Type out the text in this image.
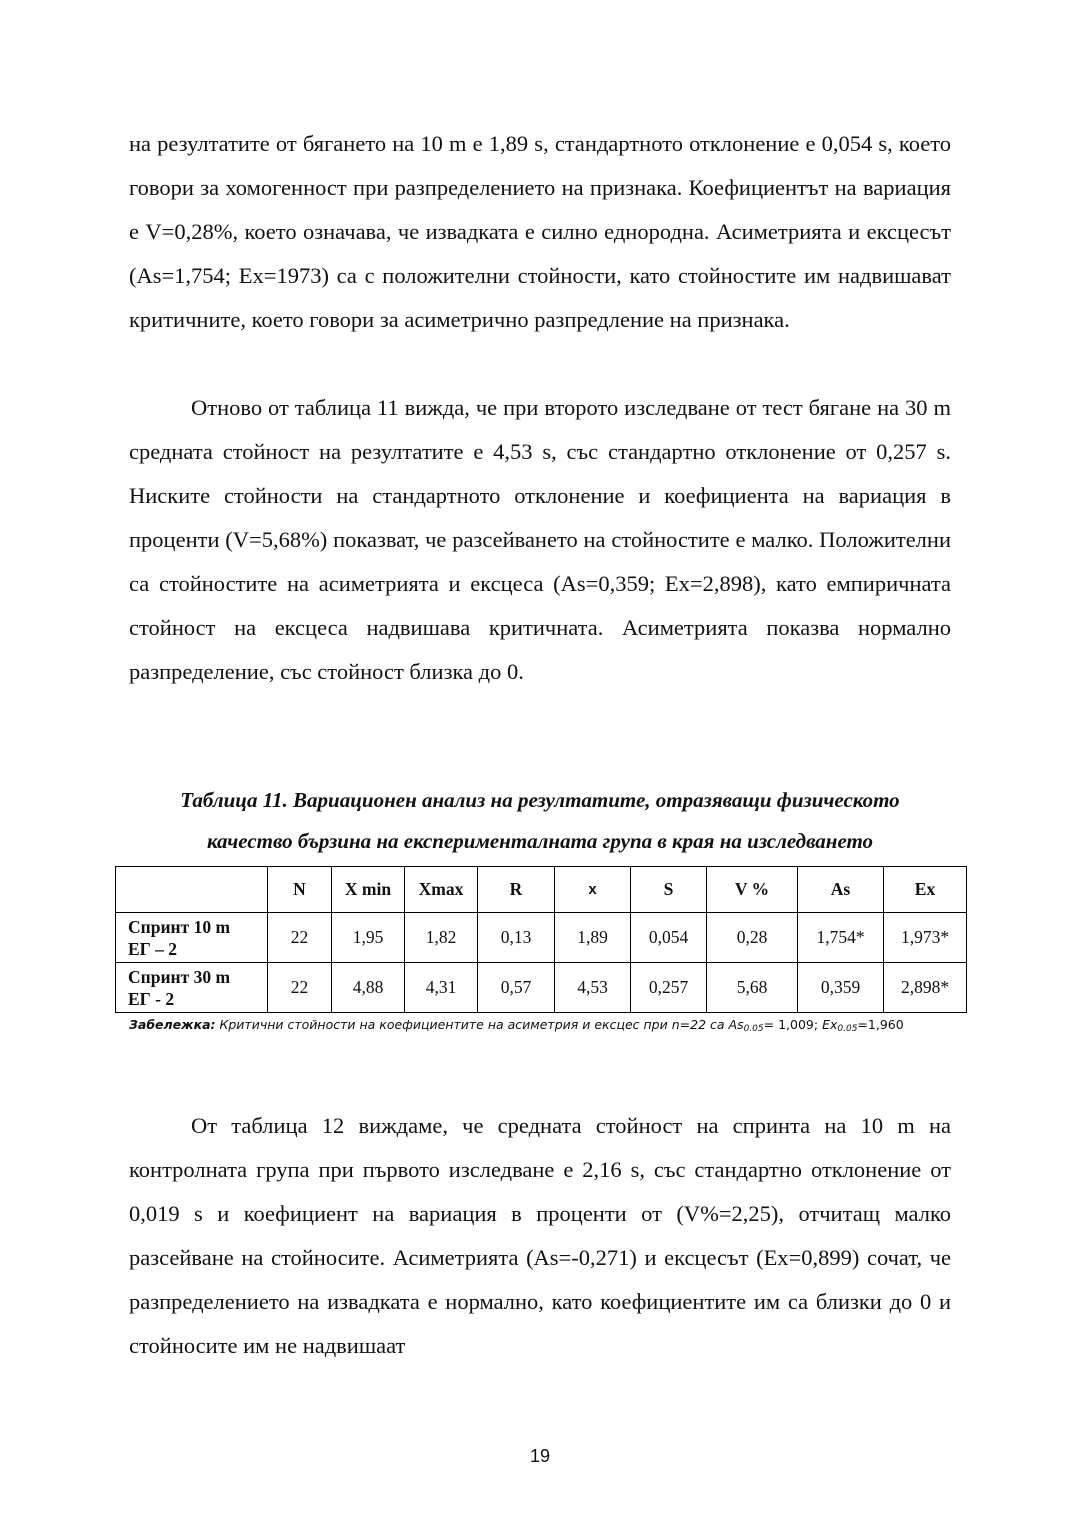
на резултатите от бягането на 10 m е 1,89 s, стандартното отклонение е 0,054 s, което говори за хомогенност при разпределението на признака. Коефициентът на вариация е V=0,28%, което означава, че извадката е силно еднородна. Асиметрията и ексцесът (As=1,754; Ex=1973) са с положителни стойности, като стойностите им надвишават критичните, което говори за асиметрично разпредление на признака.

Отново от таблица 11 вижда, че при второто изследване от тест бягане на 30 m средната стойност на резултатите е 4,53 s, със стандартно отклонение от 0,257 s. Ниските стойности на стандартното отклонение и коефициента на вариация в проценти (V=5,68%) показват, че разсейването на стойностите е малко. Положителни са стойностите на асиметрията и ексцеса (As=0,359; Ex=2,898), като емпиричната стойност на ексцеса надвишава критичната. Асиметрията показва нормално разпределение, със стойност близка до 0.

Таблица 11. Вариационен анализ на резултатите, отразяващи физическото

качество бързина на експерименталната група в края на изследването

	N	X min	Xmax	R	x	S	V %	As	Ex
Спринт 10 m
ЕГ – 2	22	1,95	1,82	0,13	1,89	0,054	0,28	1,754*	1,973*
Спринт 30 m
ЕГ - 2	22	4,88	4,31	0,57	4,53	0,257	5,68	0,359	2,898*

Забележка: Критични стойности на коефициентите на асиметрия и ексцес при n=22 са $As_{0.05}= 1,009$; $Ex_{0.05}=1,960$

От таблица 12 виждаме, че средната стойност на спринта на 10 m на контролната група при първото изследване е 2,16 s, със стандартно отклонение от 0,019 s и коефициент на вариация в проценти от (V%=2,25), отчитащ малко разсейване на стойносите. Асиметрията (As=-0,271) и ексцесът (Ex=0,899) сочат, че разпределението на извадката е нормално, като коефициентите им са близки до 0 и стойносите им не надвишаат

19
